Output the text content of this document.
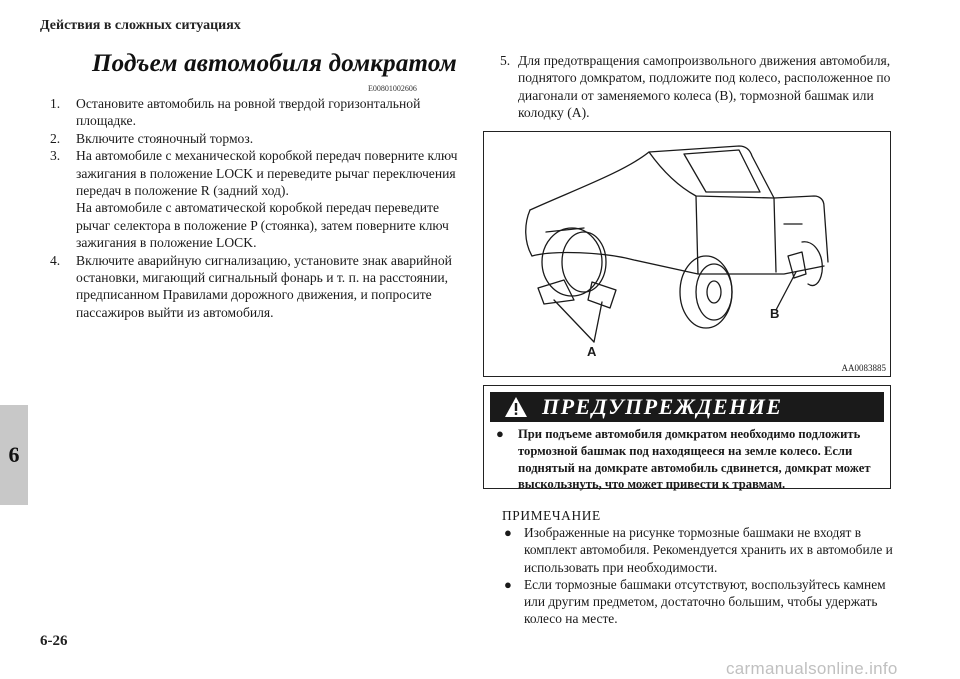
Действия в сложных ситуациях
6
Подъем автомобиля домкратом
E00801002606
1.	Остановите автомобиль на ровной твердой горизонтальной площадке.

2.	Включите стояночный тормоз.

3.	На автомобиле с механической коробкой передач поверните ключ зажигания в положение LOCK и переведите рычаг переключения передач в положение R (задний ход).

На автомобиле с автоматической коробкой передач переведите рычаг селектора в положение P (стоянка), затем поверните ключ зажигания в положение LOCK.

4.	Включите аварийную сигнализацию, установите знак аварийной остановки, мигающий сигнальный фонарь и т. п. на расстоянии, предписанном Правилами дорожного движения, и попросите пассажиров выйти из автомобиля.

5. Для предотвращения самопроизвольного движения автомобиля, поднятого домкратом, подложите под колесо, расположенное по диагонали от заменяемого колеса (B), тормозной башмак или колодку (A).
A
B
AA0083885
ПРЕДУПРЕЖДЕНИЕ
●	При подъеме автомобиля домкратом необходимо подложить тормозной башмак под находящееся на земле колесо. Если поднятый на домкрате автомобиль сдвинется, домкрат может выскользнуть, что может привести к травмам.
ПРИМЕЧАНИЕ
● Изображенные на рисунке тормозные башмаки не входят в комплект автомобиля. Рекомендуется хранить их в автомобиле и использовать при необходимости.
● Если тормозные башмаки отсутствуют, воспользуйтесь камнем или другим предметом, достаточно большим, чтобы удержать колесо на месте.
6-26
carmanualsonline.info
